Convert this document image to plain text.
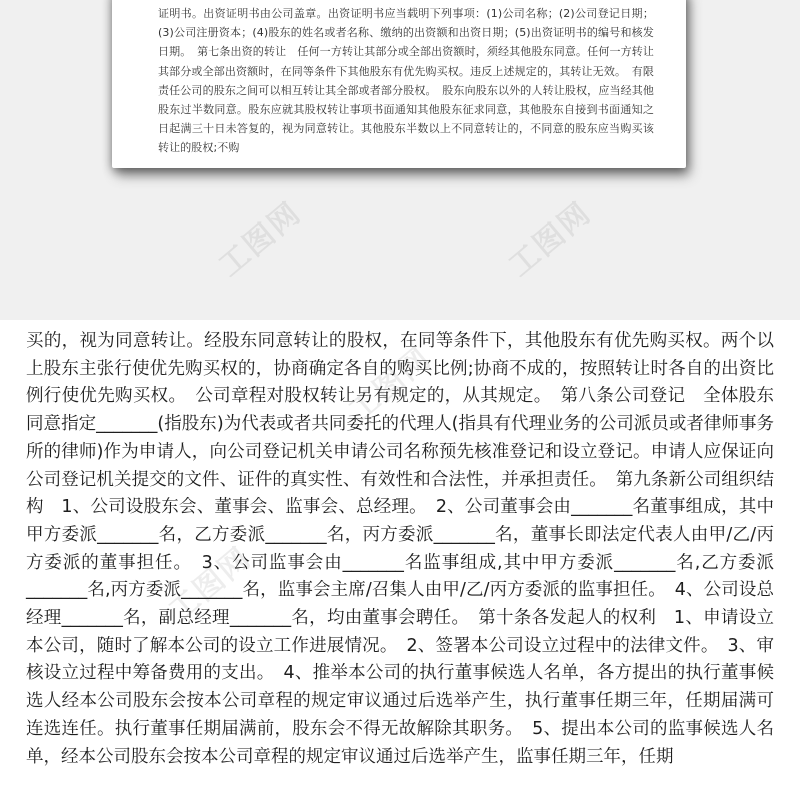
证明书。出资证明书由公司盖章。出资证明书应当载明下列事项：(1)公司名称；(2)公司登记日期；(3)公司注册资本；(4)股东的姓名或者名称、缴纳的出资额和出资日期；(5)出资证明书的编号和核发日期。　第七条出资的转让　任何一方转让其部分或全部出资额时，须经其他股东同意。任何一方转让其部分或全部出资额时，在同等条件下其他股东有优先购买权。违反上述规定的，其转让无效。　有限责任公司的股东之间可以相互转让其全部或者部分股权。　股东向股东以外的人转让股权，应当经其他股东过半数同意。股东应就其股权转让事项书面通知其他股东征求同意，其他股东自接到书面通知之日起满三十日未答复的，视为同意转让。其他股东半数以上不同意转让的，不同意的股东应当购买该转让的股权;不购
工图网	工图网
工图网
工图网
买的，视为同意转让。经股东同意转让的股权，在同等条件下，其他股东有优先购买权。两个以上股东主张行使优先购买权的，协商确定各自的购买比例;协商不成的，按照转让时各自的出资比例行使优先购买权。　公司章程对股权转让另有规定的，从其规定。　第八条公司登记　全体股东同意指定_______(指股东)为代表或者共同委托的代理人(指具有代理业务的公司派员或者律师事务所的律师)作为申请人，向公司登记机关申请公司名称预先核准登记和设立登记。申请人应保证向公司登记机关提交的文件、证件的真实性、有效性和合法性，并承担责任。　第九条新公司组织结构　1、公司设股东会、董事会、监事会、总经理。　2、公司董事会由_______名董事组成，其中甲方委派_______名，乙方委派_______名，丙方委派_______名，董事长即法定代表人由甲/乙/丙方委派的董事担任。　3、公司监事会由_______名监事组成,其中甲方委派_______名,乙方委派_______名,丙方委派_______名，监事会主席/召集人由甲/乙/丙方委派的监事担任。　4、公司设总经理_______名，副总经理_______名，均由董事会聘任。　第十条各发起人的权利　1、申请设立本公司，随时了解本公司的设立工作进展情况。　2、签署本公司设立过程中的法律文件。　3、审核设立过程中筹备费用的支出。　4、推举本公司的执行董事候选人名单，各方提出的执行董事候选人经本公司股东会按本公司章程的规定审议通过后选举产生，执行董事任期三年，任期届满可连选连任。执行董事任期届满前，股东会不得无故解除其职务。　5、提出本公司的监事候选人名单，经本公司股东会按本公司章程的规定审议通过后选举产生，监事任期三年，任期
